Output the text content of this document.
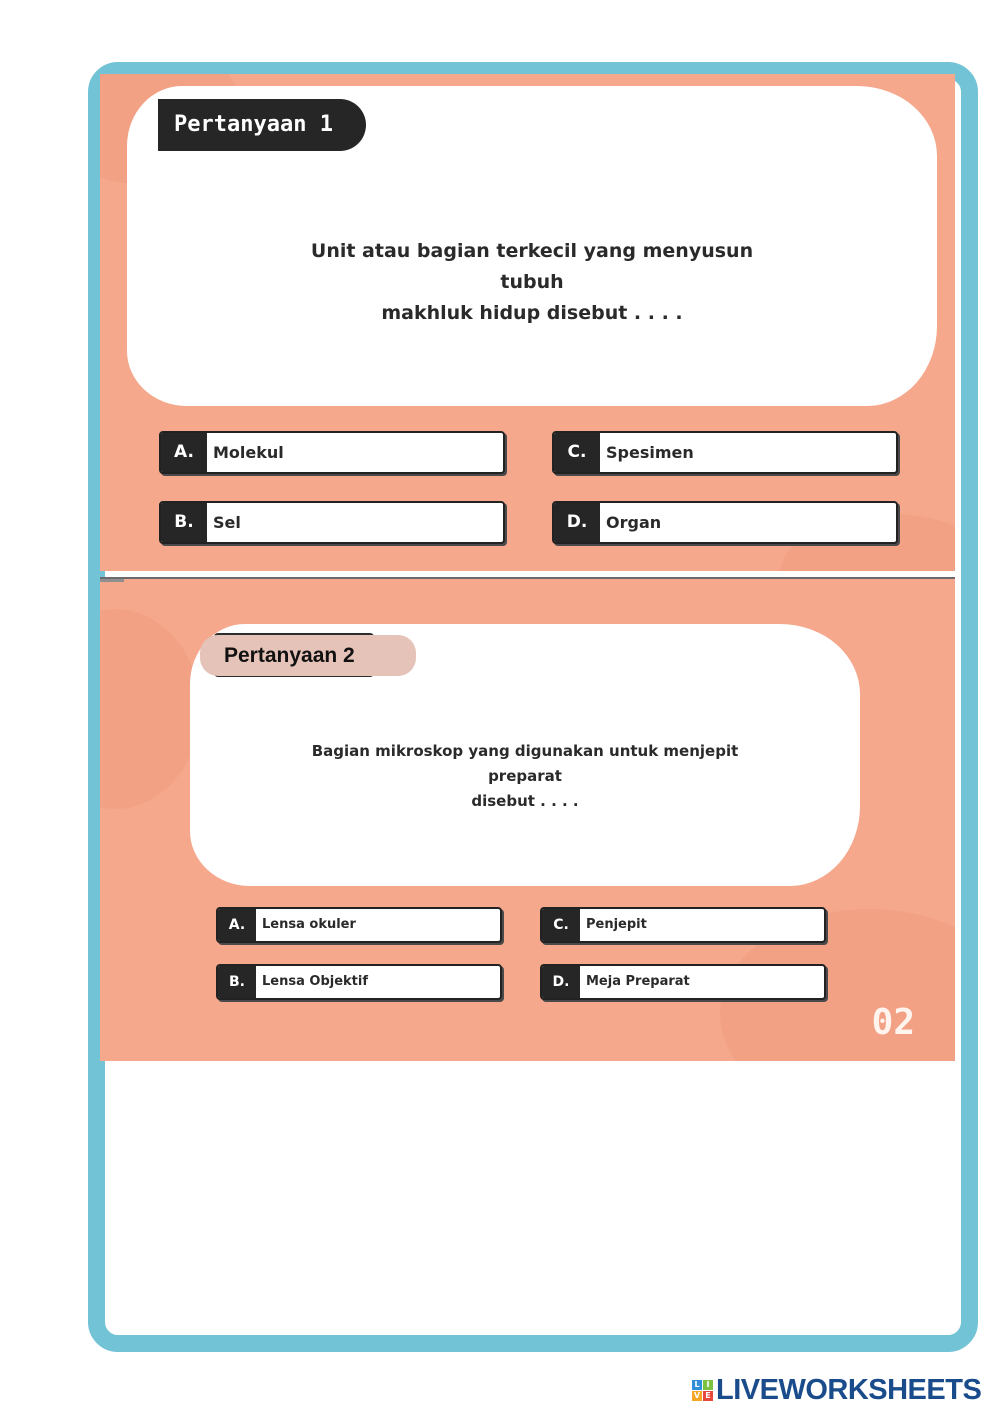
Unit atau bagian terkecil yang menyusun tubuh
makhluk hidup disebut . . . .
Pertanyaan 1
A.	Molekul
B.	Sel
C.	Spesimen
D.	Organ
Bagian mikroskop yang digunakan untuk menjepit preparat
disebut . . . .
Pertanyaan 2
A.	Lensa okuler
B.	Lensa Objektif
C.	Penjepit
D.	Meja Preparat
02
L I
V E LIVEWORKSHEETS
